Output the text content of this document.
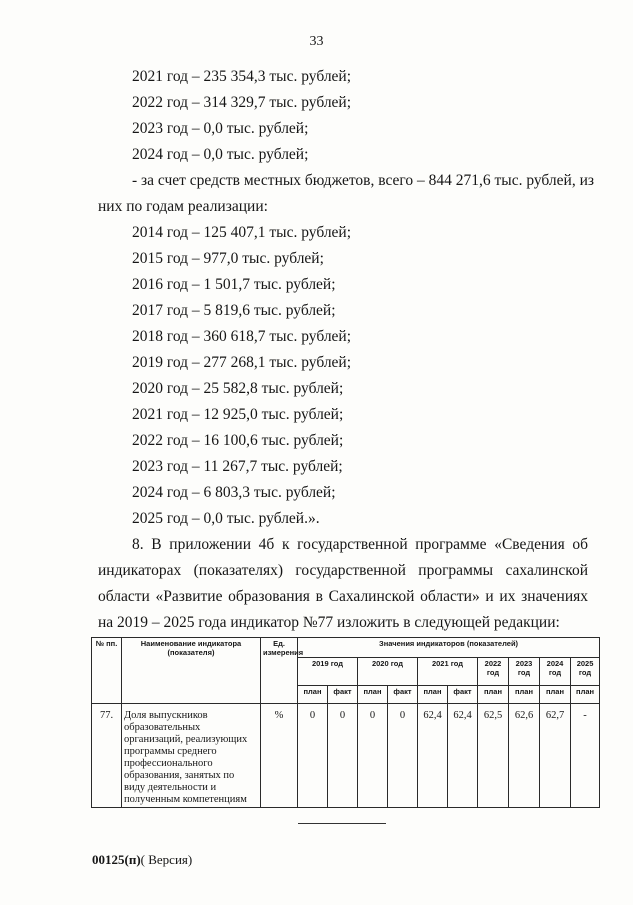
33
2021 год – 235 354,3 тыс. рублей;
2022 год – 314 329,7 тыс. рублей;
2023 год – 0,0 тыс. рублей;
2024 год – 0,0 тыс. рублей;
- за счет средств местных бюджетов, всего – 844 271,6 тыс. рублей, из
них по годам реализации:
2014 год – 125 407,1 тыс. рублей;
2015 год – 977,0 тыс. рублей;
2016 год – 1 501,7 тыс. рублей;
2017 год – 5 819,6 тыс. рублей;
2018 год – 360 618,7 тыс. рублей;
2019 год – 277 268,1 тыс. рублей;
2020 год – 25 582,8 тыс. рублей;
2021 год – 12 925,0 тыс. рублей;
2022 год – 16 100,6 тыс. рублей;
2023 год – 11 267,7 тыс. рублей;
2024 год – 6 803,3 тыс. рублей;
2025 год – 0,0 тыс. рублей.».
8. В приложении 4б к государственной программе «Сведения об индикаторах (показателях) государственной программы сахалинской области «Развитие образования в Сахалинской области» и их значениях на 2019 – 2025 года индикатор №77 изложить в следующей редакции:
№ пп.	Наименование индикатора (показателя)	Ед. измерения	Значения индикаторов (показателей)									
			2019 год		2020 год		2021 год		2022 год	2023 год	2024 год	2025 год
			план	факт	план	факт	план	факт	план	план	план	план
77.	Доля выпускников образовательных организаций, реализующих программы среднего профессионального образования, занятых по виду деятельности и полученным компетенциям	%	0	0	0	0	62,4	62,4	62,5	62,6	62,7	-
00125(п)( Версия)
